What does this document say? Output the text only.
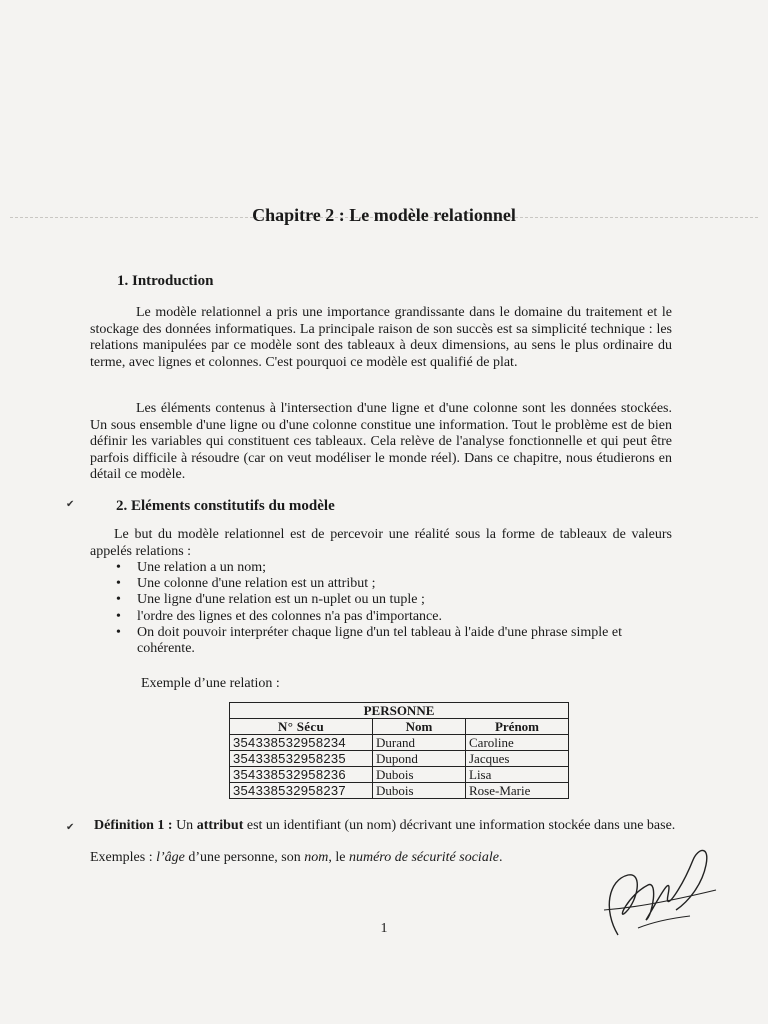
Chapitre 2 : Le modèle relationnel
1. Introduction

Le modèle relationnel a pris une importance grandissante dans le domaine du traitement et le stockage des données informatiques. La principale raison de son succès est sa simplicité technique : les relations manipulées par ce modèle sont des tableaux à deux dimensions, au sens le plus ordinaire du terme, avec lignes et colonnes. C'est pourquoi ce modèle est qualifié de plat.

Les éléments contenus à l'intersection d'une ligne et d'une colonne sont les données stockées. Un sous ensemble d'une ligne ou d'une colonne constitue une information. Tout le problème est de bien définir les variables qui constituent ces tableaux. Cela relève de l'analyse fonctionnelle et qui peut être parfois difficile à résoudre (car on veut modéliser le monde réel). Dans ce chapitre, nous étudierons en détail ce modèle.

✔	2. Eléments constitutifs du modèle

Le but du modèle relationnel est de percevoir une réalité sous la forme de tableaux de valeurs appelés relations :

• Une relation a un nom;
• Une colonne d'une relation est un attribut ;
• Une ligne d'une relation est un n-uplet ou un tuple ;
• l'ordre des lignes et des colonnes n'a pas d'importance.
• On doit pouvoir interpréter chaque ligne d'un tel tableau à l'aide d'une phrase simple et cohérente.
Exemple d’une relation :
PERSONNE		
N° Sécu	Nom	Prénom
354338532958234	Durand	Caroline
354338532958235	Dupond	Jacques
354338532958236	Dubois	Lisa
354338532958237	Dubois	Rose-Marie
✔ Définition 1 : Un attribut est un identifiant (un nom) décrivant une information stockée dans une base.
Exemples : l’âge d’une personne, son nom, le numéro de sécurité sociale.
1
